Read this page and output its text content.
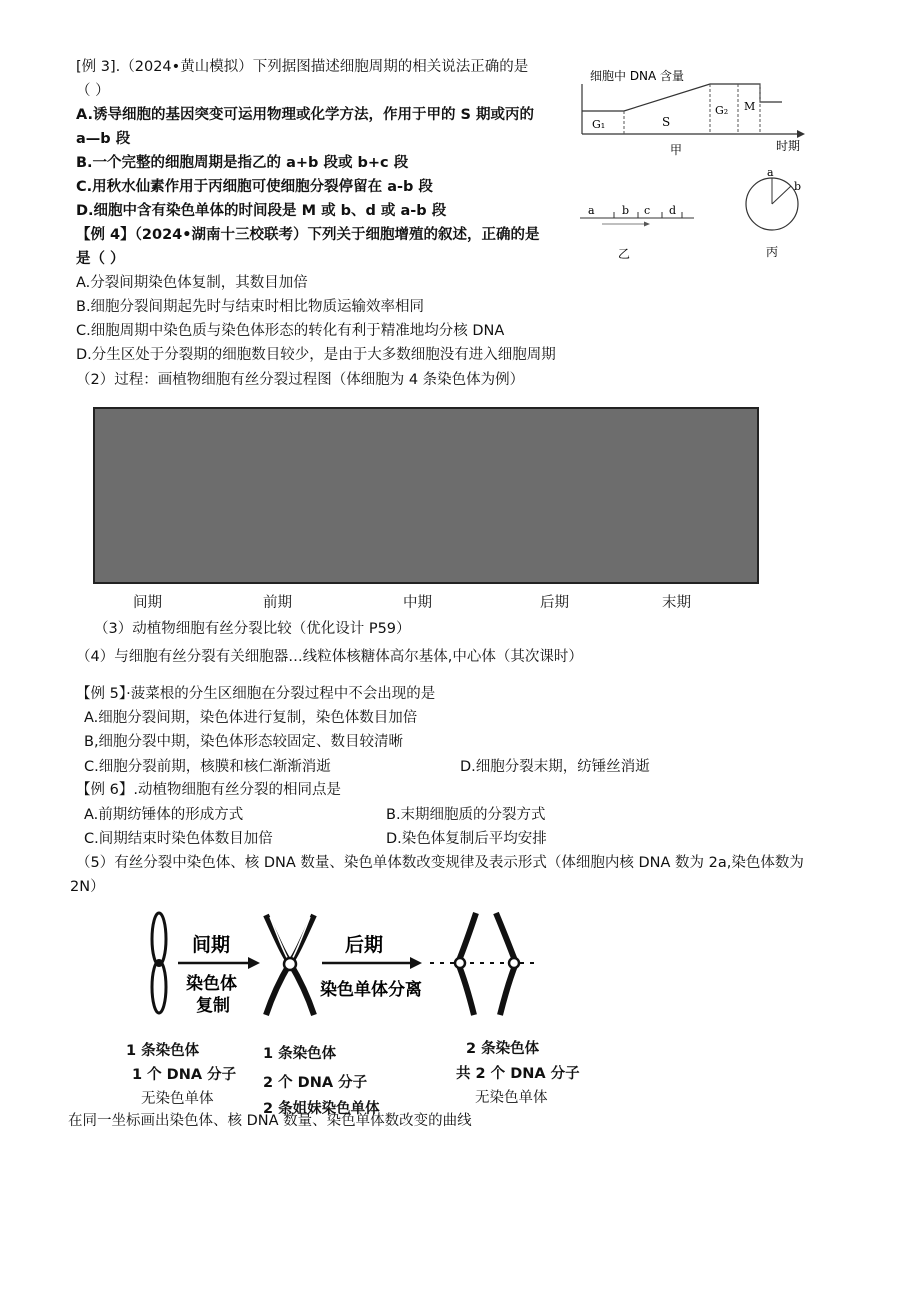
[例 3].（2024•黄山模拟）下列据图描述细胞周期的相关说法正确的是
（ ）
A.诱导细胞的基因突变可运用物理或化学方法，作用于甲的 S 期或丙的
a—b 段
B.一个完整的细胞周期是指乙的 a+b 段或 b+c 段
C.用秋水仙素作用于丙细胞可使细胞分裂停留在 a-b 段
D.细胞中含有染色单体的时间段是 M 或 b、d 或 a-b 段
【例 4】（2024•湖南十三校联考）下列关于细胞增殖的叙述，正确的是
是（ ）
A.分裂间期染色体复制，其数目加倍
B.细胞分裂间期起先时与结束时相比物质运输效率相同
C.细胞周期中染色质与染色体形态的转化有利于精准地均分核 DNA
D.分生区处于分裂期的细胞数目较少，是由于大多数细胞没有进入细胞周期
（2）过程：画植物细胞有丝分裂过程图（体细胞为 4 条染色体为例）
细胞中 DNA 含量
G₁	S
G₂ M
时期
甲
a b c d
乙
a
b
丙
间期	前期	中期	后期	末期
（3）动植物细胞有丝分裂比较（优化设计 P59）
（4）与细胞有丝分裂有关细胞器…线粒体核糖体高尔基体,中心体（其次课时）
【例 5】·菠菜根的分生区细胞在分裂过程中不会出现的是
A.细胞分裂间期，染色体进行复制，染色体数目加倍
B,细胞分裂中期，染色体形态较固定、数目较清晰
C.细胞分裂前期，核膜和核仁渐渐消逝	D.细胞分裂末期，纺锤丝消逝
【例 6】.动植物细胞有丝分裂的相同点是
A.前期纺锤体的形成方式	B.末期细胞质的分裂方式
C.间期结束时染色体数目加倍	D.染色体复制后平均安排
（5）有丝分裂中染色体、核 DNA 数量、染色单体数改变规律及表示形式（体细胞内核 DNA 数为 2a,染色体数为
2N）
间期
染色体
复制
后期
染色单体分离
1 条染色体
1 个 DNA 分子
无染色单体
1 条染色体
2 个 DNA 分子
2 条姐妹染色单体
2 条染色体
共 2 个 DNA 分子
无染色单体
在同一坐标画出染色体、核 DNA 数量、染色单体数改变的曲线
